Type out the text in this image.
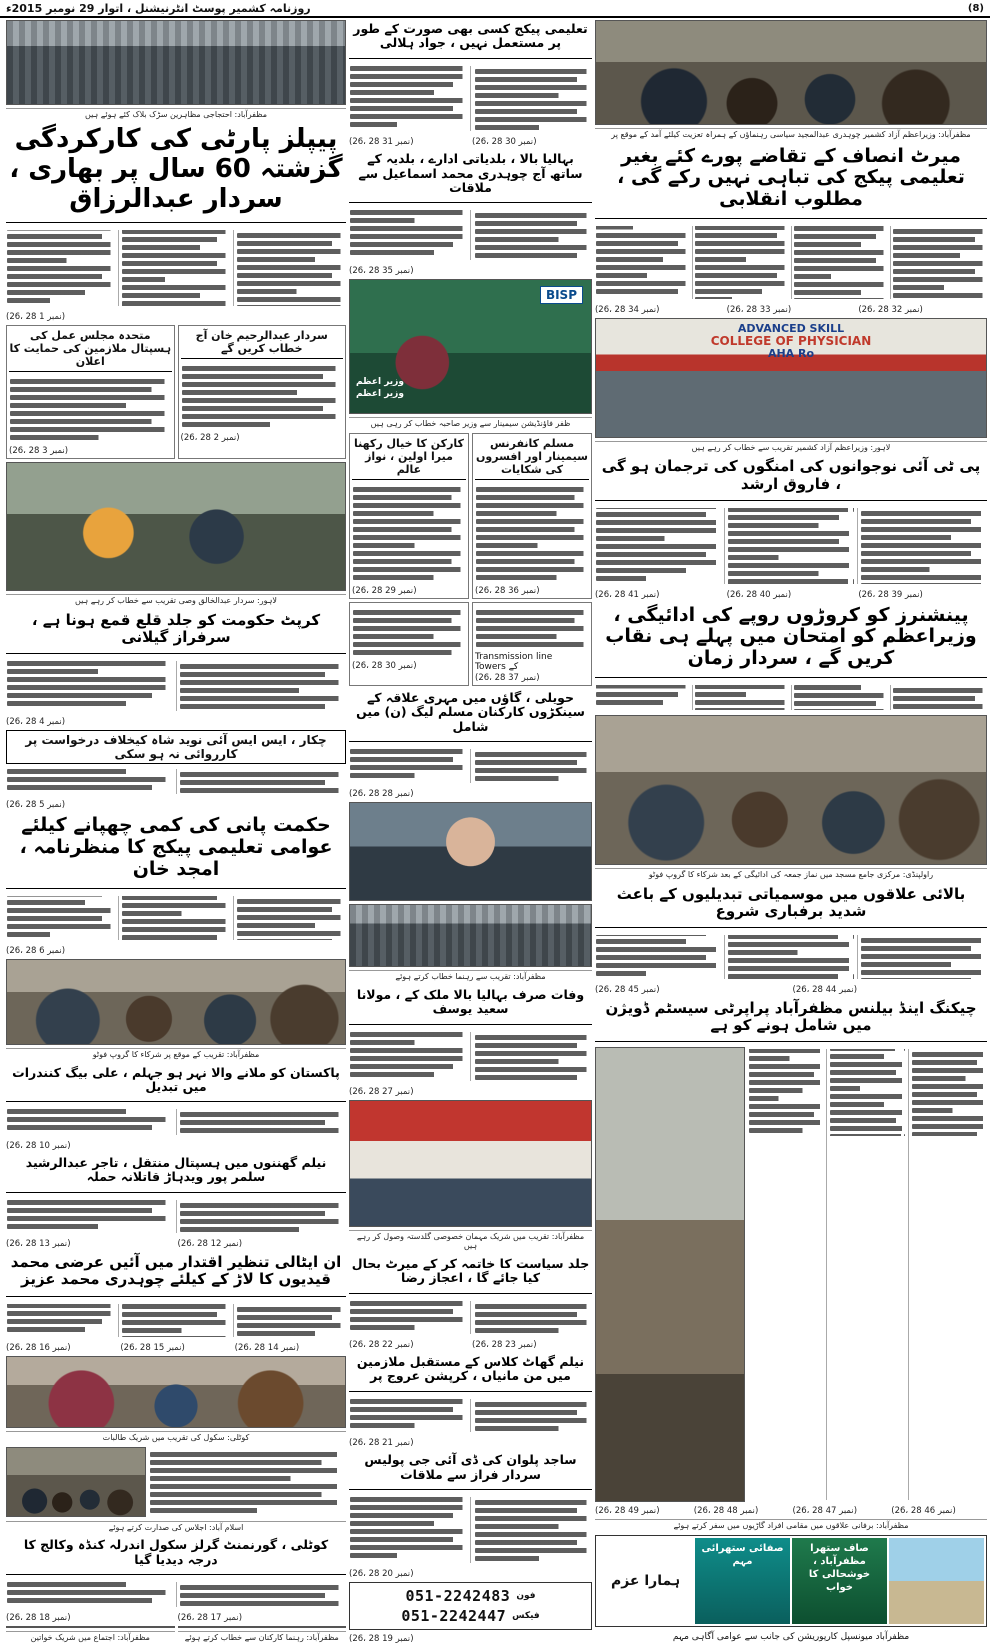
(8)
روزنامہ کشمیر پوسٹ انٹرنیشنل ، اتوار 29 نومبر 2015ء
مظفرآباد: وزیراعظم آزاد کشمیر چوہدری عبدالمجید سیاسی رہنماؤں کے ہمراہ تعزیت کیلئے آمد کے موقع پر
میرٹ انصاف کے تقاضے پورے کئے بغیر تعلیمی پیکج کی تباہی نہیں رکے گی ، مطلوب انقلابی
(26، 28 نمبر 32)
(26، 28 نمبر 33)
(26، 28 نمبر 34)
ADVANCED SKILL
COLLEGE OF PHYSICIAN
AHA Ro
لاہور: وزیراعظم آزاد کشمیر تقریب سے خطاب کر رہے ہیں
پی ٹی آئی نوجوانوں کی امنگوں کی ترجمان ہو گی ، فاروق ارشد
(26، 28 نمبر 39)
(26، 28 نمبر 40)
(26، 28 نمبر 41)
پینشنرز کو کروڑوں روپے کی ادائیگی ، وزیراعظم کو امتحان میں پہلے ہی نقاب کریں گے ، سردار زمان
راولپنڈی: مرکزی جامع مسجد میں نماز جمعہ کی ادائیگی کے بعد شرکاء کا گروپ فوٹو
بالائی علاقوں میں موسمیاتی تبدیلیوں کے باعث شدید برفباری شروع
(26، 28 نمبر 44)
(26، 28 نمبر 45)
چیکنگ اینڈ بیلنس مظفرآباد پراپرٹی سیسٹم ڈویژن میں شامل ہونے کو ہے
(26، 28 نمبر 46)
(26، 28 نمبر 47)
(26، 28 نمبر 48)
(26، 28 نمبر 49)
مظفرآباد: برفانی علاقوں میں مقامی افراد گاڑیوں میں سفر کرتے ہوئے
صاف ستھرا مظفرآباد ، خوشحالی کا خواب
صفائی ستھرائی مہم
ہمارا عزم
مظفرآباد میونسپل کارپوریشن کی جانب سے عوامی آگاہی مہم
تعلیمی پیکج کسی بھی صورت کے طور پر مستعمل نہیں ، جواد ہلالی
(26، 28 نمبر 30)
(26، 28 نمبر 31)
بہالیا بالا ، بلدیاتی ادارے ، بلدیہ کے ساتھ آج چوہدری محمد اسماعیل سے ملاقات
(26، 28 نمبر 35)
BISP
وزیر اعظم
وزیر اعظم
ظفر فاؤنڈیشن سیمینار سے وزیر صاحبہ خطاب کر رہی ہیں
مسلم کانفرنس سیمینار اور افسروں کی شکایات
(26، 28 نمبر 36)
کارکن کا خیال رکھنا میرا اولین ، نواز عالم
(26، 28 نمبر 29)
Transmission line
Towers کے
(26، 28 نمبر 37)
(26، 28 نمبر 30)
حویلی ، گاؤں میں مہری علاقہ کے سینکڑوں کارکنان مسلم لیگ (ن) میں شامل
(26، 28 نمبر 28)
مظفرآباد: تقریب سے رہنما خطاب کرتے ہوئے
وفات صرف بہالیا بالا ملک کے ، مولانا سعید یوسف
(26، 28 نمبر 27)
مظفرآباد: تقریب میں شریک مہمان خصوصی گلدستہ وصول کر رہے ہیں
جلد سیاست کا خاتمہ کر کے میرٹ بحال کیا جائے گا ، اعجاز رضا
(26، 28 نمبر 23)
(26، 28 نمبر 22)
نیلم گھاٹ کلاس کے مستقبل ملازمین میں من مانیاں ، کرپشن عروج پر
(26، 28 نمبر 21)
ساجد پلوان کی ڈی آئی جی پولیس سردار فراز سے ملاقات
(26، 28 نمبر 20)
فون
051-2242483
فیکس
051-2242447
(26، 28 نمبر 19)
مظفرآباد: احتجاجی مظاہرین سڑک بلاک کئے ہوئے ہیں
پیپلز پارٹی کی کارکردگی گزشتہ 60 سال پر بھاری ، سردار عبدالرزاق
(26، 28 نمبر 1)
سردار عبدالرحیم خان آج خطاب کریں گے
(26، 28 نمبر 2)
متحدہ مجلس عمل کی ہسپتال ملازمین کی حمایت کا اعلان
(26، 28 نمبر 3)
لاہور: سردار عبدالخالق وصی تقریب سے خطاب کر رہے ہیں
کرپٹ حکومت کو جلد قلع قمع ہونا ہے ، سرفراز گیلانی
(26، 28 نمبر 4)
چکار ، ایس ایس آئی نوید شاہ کیخلاف درخواست پر کارروائی نہ ہو سکی
(26، 28 نمبر 5)
حکمت پانی کی کمی چھپانے کیلئے عوامی تعلیمی پیکج کا منظرنامہ ، امجد خان
(26، 28 نمبر 6)
مظفرآباد: تقریب کے موقع پر شرکاء کا گروپ فوٹو
پاکستان کو ملانے والا نہر ہو جہلم ، علی بیگ کنندرات میں تبدیل
(26، 28 نمبر 10)
نیلم گھننوں میں ہسپتال منتقل ، تاجر عبدالرشید سلمر پور ویدہاڑ قاتلانہ حملہ
(26، 28 نمبر 12)
(26، 28 نمبر 13)
ان ایٹالی تنظیر اقتدار میں آئیں عرضی محمد قیدیوں کا لاڑ کے کیلئے چوہدری محمد عزیز
(26، 28 نمبر 14)
(26، 28 نمبر 15)
(26، 28 نمبر 16)
کوٹلی: سکول کی تقریب میں شریک طالبات
اسلام آباد: اجلاس کی صدارت کرتے ہوئے
کوٹلی ، گورنمنٹ گرلز سکول اندرلہ کنڈہ وکالج کا درجہ دیدیا گیا
(26، 28 نمبر 17)
(26، 28 نمبر 18)
مظفرآباد: رہنما کارکنان سے خطاب کرتے ہوئے
مظفرآباد: اجتماع میں شریک خواتین
